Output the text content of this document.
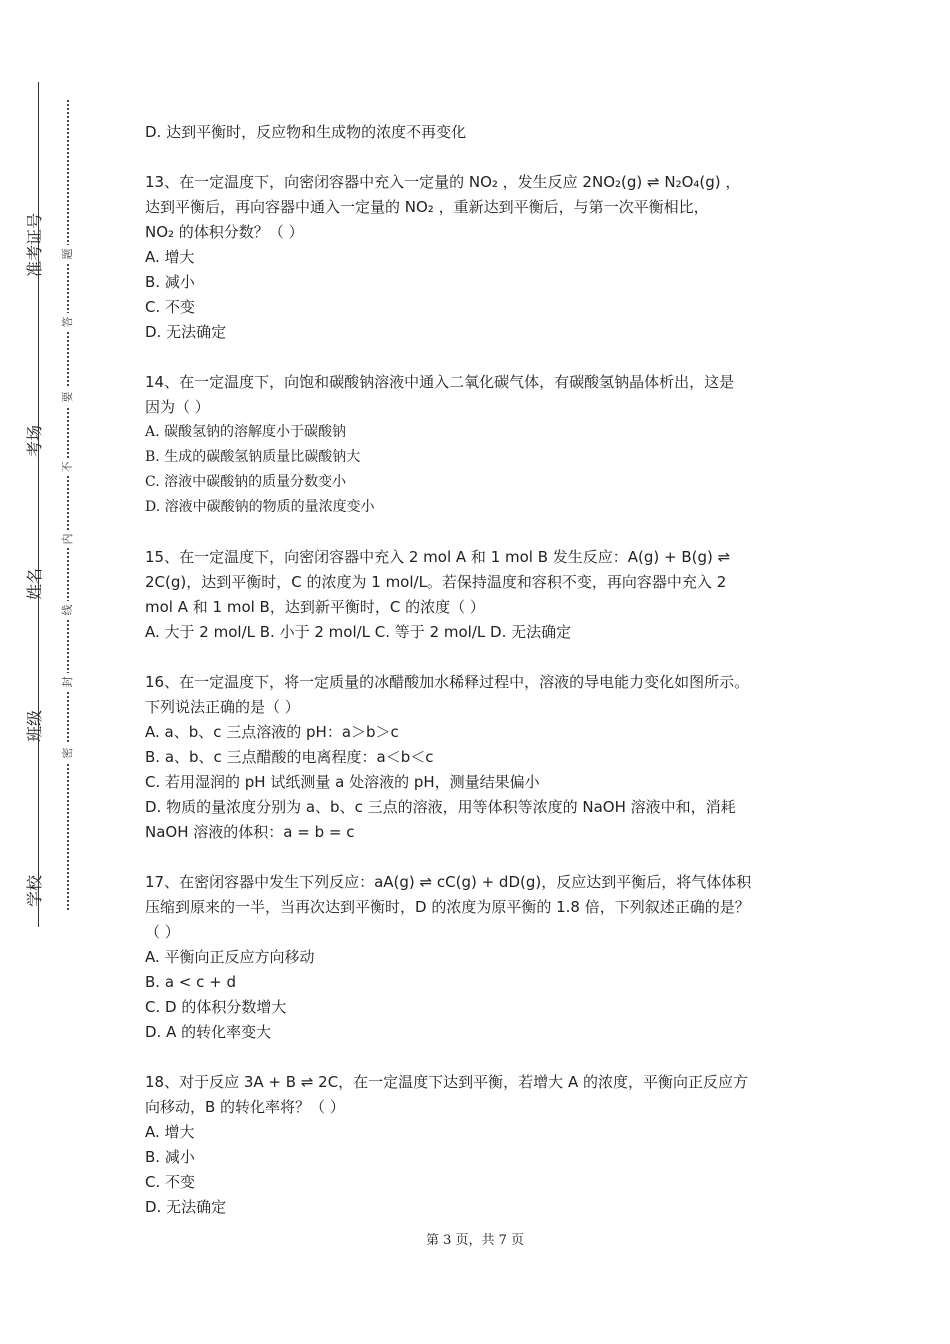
准考证号
考场
姓名
班级
学校
题
答
要
不
内
线
封
密
D. 达到平衡时，反应物和生成物的浓度不再变化
13、在一定温度下，向密闭容器中充入一定量的 NO₂ ，发生反应 2NO₂(g) ⇌ N₂O₄(g) ，
达到平衡后，再向容器中通入一定量的 NO₂ ，重新达到平衡后，与第一次平衡相比，
NO₂ 的体积分数？（ ）
A. 增大
B. 减小
C. 不变
D. 无法确定
14、在一定温度下，向饱和碳酸钠溶液中通入二氧化碳气体，有碳酸氢钠晶体析出，这是
因为（ ）
A. 碳酸氢钠的溶解度小于碳酸钠
B. 生成的碳酸氢钠质量比碳酸钠大
C. 溶液中碳酸钠的质量分数变小
D. 溶液中碳酸钠的物质的量浓度变小
15、在一定温度下，向密闭容器中充入 2 mol A 和 1 mol B 发生反应：A(g) + B(g) ⇌
2C(g)，达到平衡时，C 的浓度为 1 mol/L。若保持温度和容积不变，再向容器中充入 2
mol A 和 1 mol B，达到新平衡时，C 的浓度（ ）
A. 大于 2 mol/L B. 小于 2 mol/L C. 等于 2 mol/L D. 无法确定
16、在一定温度下，将一定质量的冰醋酸加水稀释过程中，溶液的导电能力变化如图所示。
下列说法正确的是（ ）
A. a、b、c 三点溶液的 pH：a＞b＞c
B. a、b、c 三点醋酸的电离程度：a＜b＜c
C. 若用湿润的 pH 试纸测量 a 处溶液的 pH，测量结果偏小
D. 物质的量浓度分别为 a、b、c 三点的溶液，用等体积等浓度的 NaOH 溶液中和，消耗
NaOH 溶液的体积：a = b = c
17、在密闭容器中发生下列反应：aA(g) ⇌ cC(g) + dD(g)，反应达到平衡后，将气体体积
压缩到原来的一半，当再次达到平衡时，D 的浓度为原平衡的 1.8 倍，下列叙述正确的是？
（ ）
A. 平衡向正反应方向移动
B. a < c + d
C. D 的体积分数增大
D. A 的转化率变大
18、对于反应 3A + B ⇌ 2C，在一定温度下达到平衡，若增大 A 的浓度，平衡向正反应方
向移动，B 的转化率将？（ ）
A. 增大
B. 减小
C. 不变
D. 无法确定
第 3 页，共 7 页
